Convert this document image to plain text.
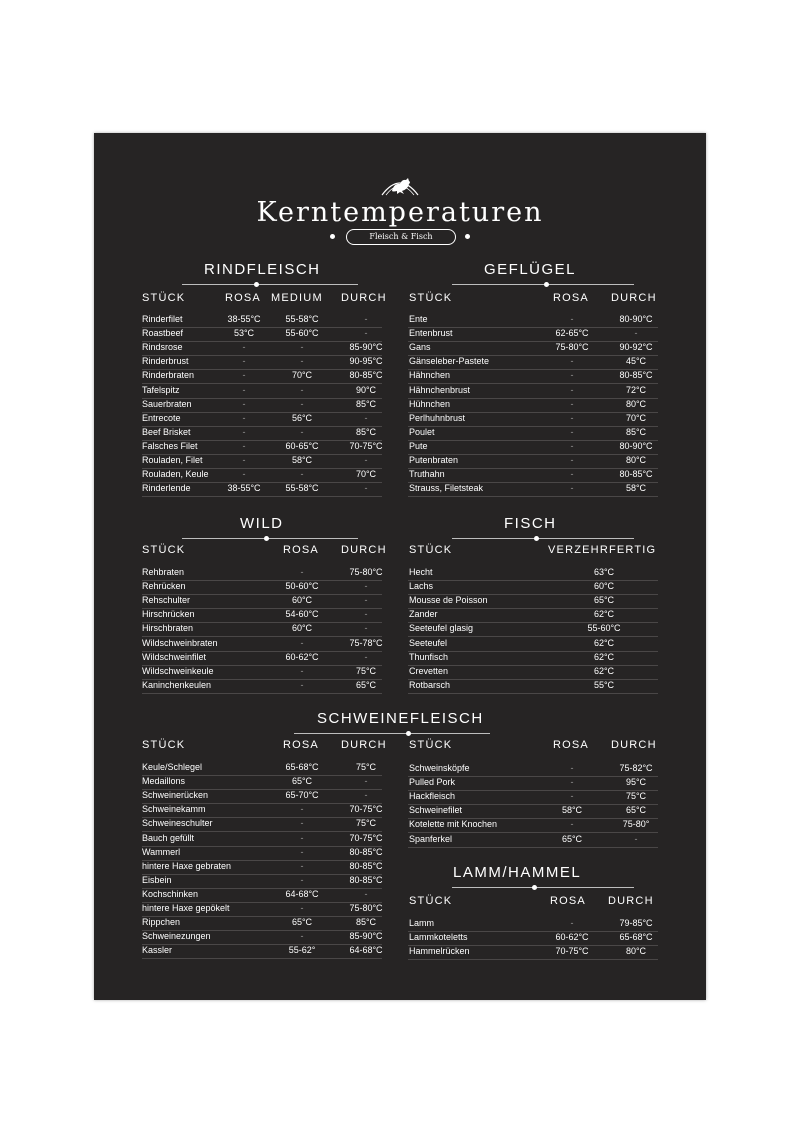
Kerntemperaturen
Fleisch & Fisch
RINDFLEISCH
STÜCK	ROSA MEDIUM DURCH
Rinderfilet	38-55°C	55-58°C	-
Roastbeef	53°C	55-60°C	-
Rindsrose	-	-	85-90°C
Rinderbrust	-	-	90-95°C
Rinderbraten	-	70°C	80-85°C
Tafelspitz	-	-	90°C
Sauerbraten	-	-	85°C
Entrecote	-	56°C	-
Beef Brisket	-	-	85°C
Falsches Filet	-	60-65°C	70-75°C
Rouladen, Filet	-	58°C	-
Rouladen, Keule	-	-	70°C
Rinderlende	38-55°C	55-58°C	-
GEFLÜGEL
STÜCK	ROSA DURCH
Ente	-	80-90°C
Entenbrust	62-65°C	-
Gans	75-80°C	90-92°C
Gänseleber-Pastete	-	45°C
Hähnchen	-	80-85°C
Hähnchenbrust	-	72°C
Hühnchen	-	80°C
Perlhuhnbrust	-	70°C
Poulet	-	85°C
Pute	-	80-90°C
Putenbraten	-	80°C
Truthahn	-	80-85°C
Strauss, Filetsteak	-	58°C
WILD
STÜCK	ROSA DURCH
Rehbraten	-	75-80°C
Rehrücken	50-60°C	-
Rehschulter	60°C	-
Hirschrücken	54-60°C	-
Hirschbraten	60°C	-
Wildschweinbraten	-	75-78°C
Wildschweinfilet	60-62°C	-
Wildschweinkeule	-	75°C
Kaninchenkeulen	-	65°C
FISCH
STÜCK	VERZEHRFERTIG
Hecht	63°C
Lachs	60°C
Mousse de Poisson	65°C
Zander	62°C
Seeteufel glasig	55-60°C
Seeteufel	62°C
Thunfisch	62°C
Crevetten	62°C
Rotbarsch	55°C
SCHWEINEFLEISCH
STÜCK	ROSA DURCH
Keule/Schlegel	65-68°C	75°C
Medaillons	65°C	-
Schweinerücken	65-70°C	-
Schweinekamm	-	70-75°C
Schweineschulter	-	75°C
Bauch gefüllt	-	70-75°C
Wammerl	-	80-85°C
hintere Haxe gebraten	-	80-85°C
Eisbein	-	80-85°C
Kochschinken	64-68°C	-
hintere Haxe gepökelt	-	75-80°C
Rippchen	65°C	85°C
Schweinezungen	-	85-90°C
Kassler	55-62°	64-68°C
STÜCK	ROSA DURCH
Schweinsköpfe	-	75-82°C
Pulled Pork	-	95°C
Hackfleisch	-	75°C
Schweinefilet	58°C	65°C
Kotelette mit Knochen	-	75-80°
Spanferkel	65°C	-
LAMM/HAMMEL
STÜCK	ROSA DURCH
Lamm	-	79-85°C
Lammkoteletts	60-62°C	65-68°C
Hammelrücken	70-75°C	80°C
